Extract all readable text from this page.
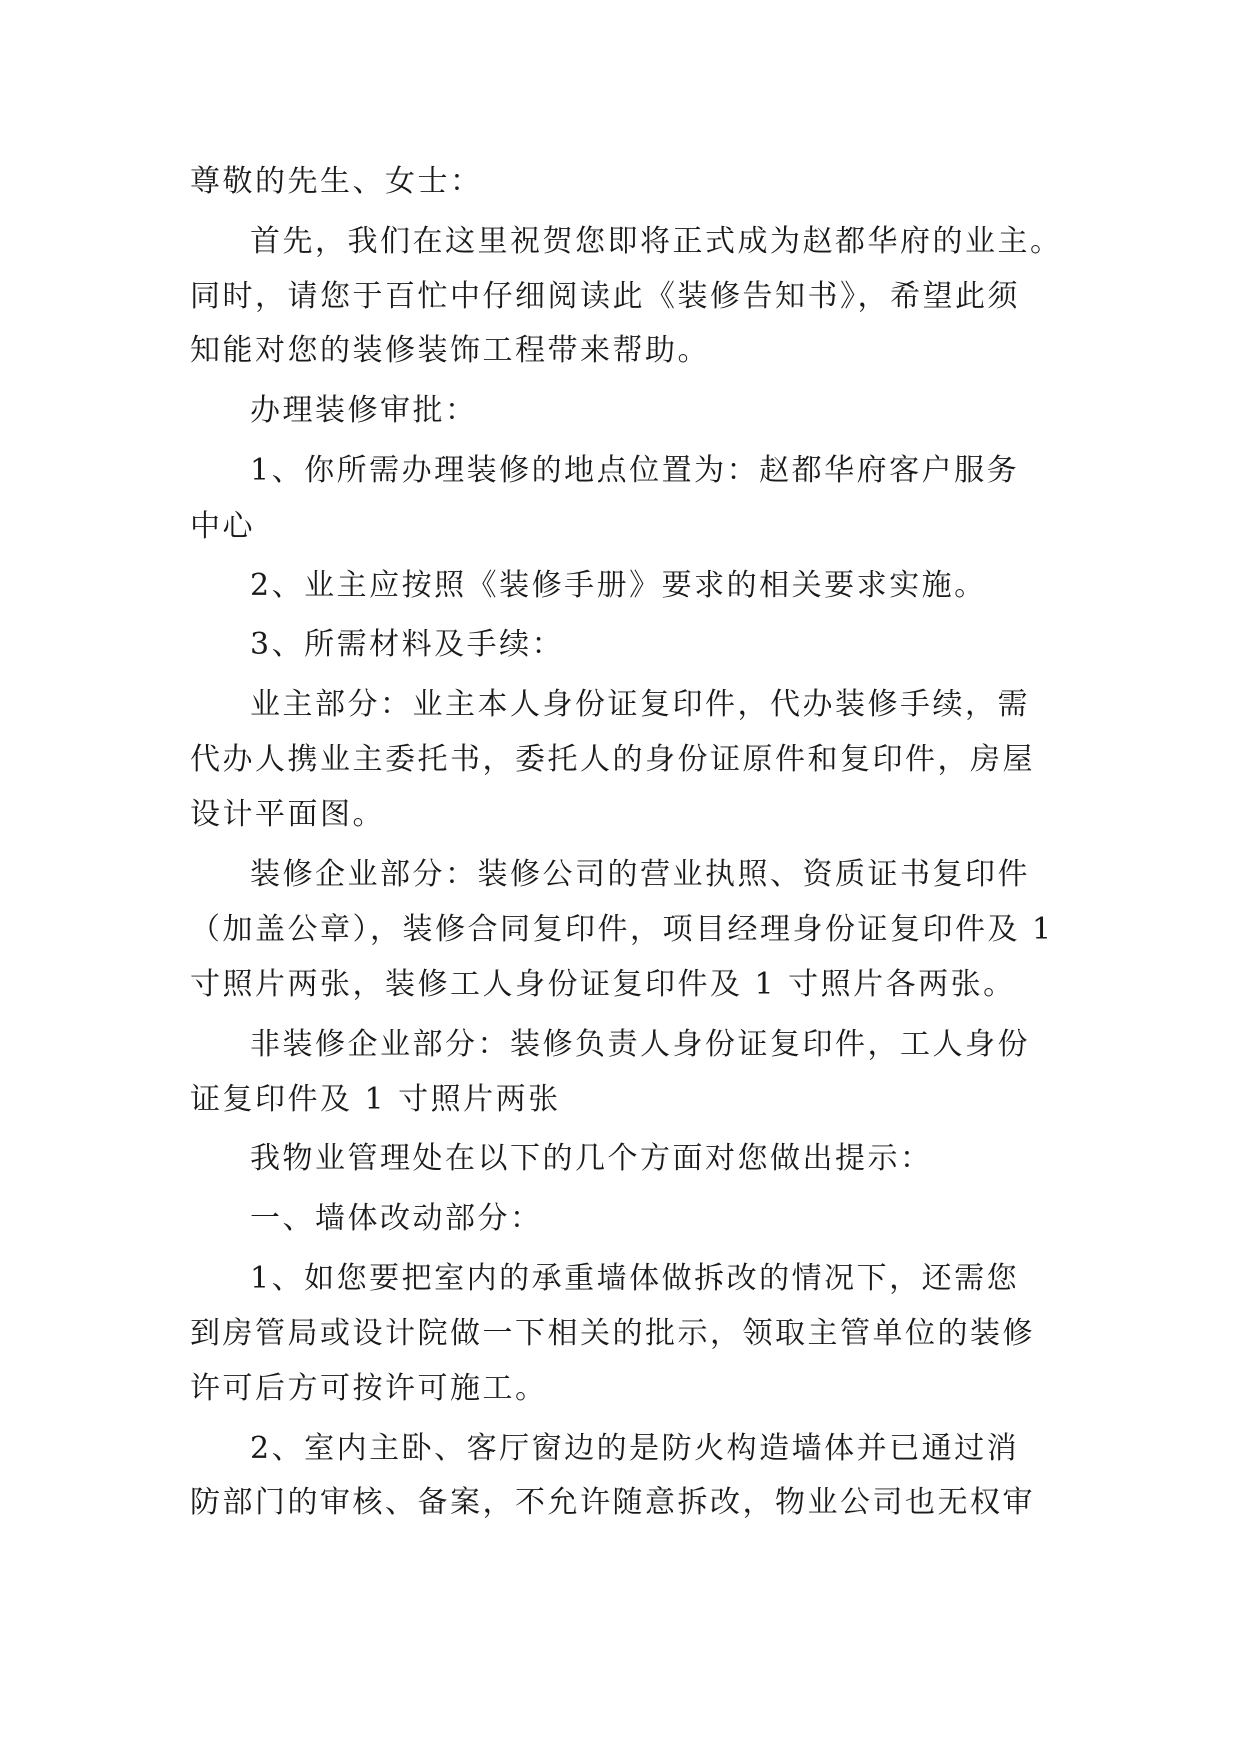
尊敬的先生、女士：
首先，我们在这里祝贺您即将正式成为赵都华府的业主。
同时，请您于百忙中仔细阅读此《装修告知书》，希望此须
知能对您的装修装饰工程带来帮助。
办理装修审批：
1、你所需办理装修的地点位置为：赵都华府客户服务
中心
2、业主应按照《装修手册》要求的相关要求实施。
3、所需材料及手续：
业主部分：业主本人身份证复印件，代办装修手续，需
代办人携业主委托书，委托人的身份证原件和复印件，房屋
设计平面图。
装修企业部分：装修公司的营业执照、资质证书复印件
（加盖公章），装修合同复印件，项目经理身份证复印件及 1
寸照片两张，装修工人身份证复印件及 1 寸照片各两张。
非装修企业部分：装修负责人身份证复印件，工人身份
证复印件及 1 寸照片两张
我物业管理处在以下的几个方面对您做出提示：
一、墙体改动部分：
1、如您要把室内的承重墙体做拆改的情况下，还需您
到房管局或设计院做一下相关的批示，领取主管单位的装修
许可后方可按许可施工。
2、室内主卧、客厅窗边的是防火构造墙体并已通过消
防部门的审核、备案，不允许随意拆改，物业公司也无权审
